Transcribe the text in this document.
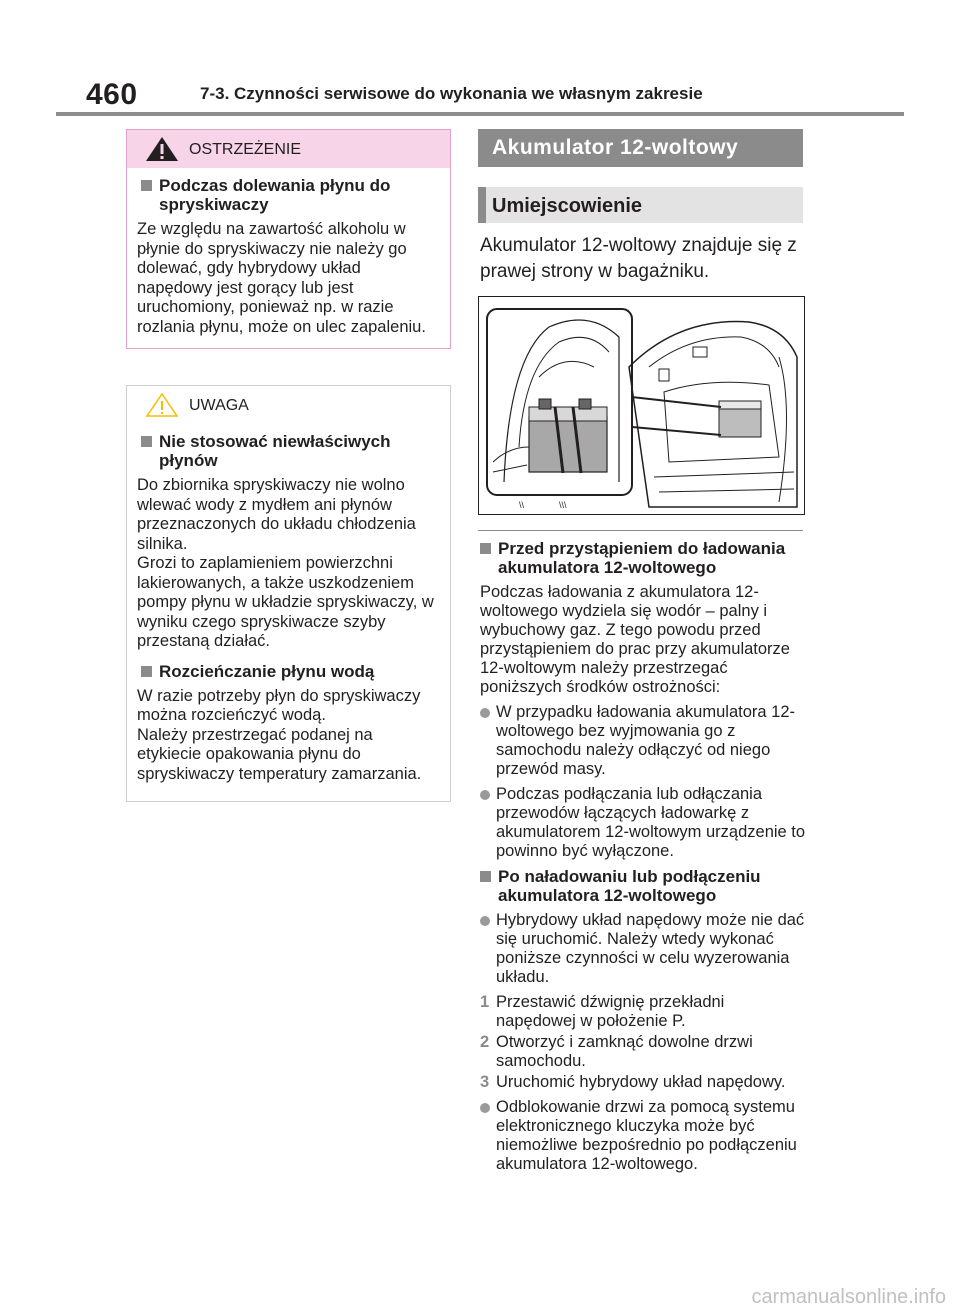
460	7-3. Czynności serwisowe do wykonania we własnym zakresie
OSTRZEŻENIE
Podczas dolewania płynu do spryskiwaczy
Ze względu na zawartość alkoholu w płynie do spryskiwaczy nie należy go dolewać, gdy hybrydowy układ napędowy jest gorący lub jest uruchomiony, ponieważ np. w razie rozlania płynu, może on ulec zapaleniu.
UWAGA
Nie stosować niewłaściwych płynów
Do zbiornika spryskiwaczy nie wolno wlewać wody z mydłem ani płynów przeznaczonych do układu chłodzenia silnika.
Grozi to zaplamieniem powierzchni lakierowanych, a także uszkodzeniem pompy płynu w układzie spryskiwaczy, w wyniku czego spryskiwacze szyby przestaną działać.
Rozcieńczanie płynu wodą
W razie potrzeby płyn do spryskiwaczy można rozcieńczyć wodą.
Należy przestrzegać podanej na etykiecie opakowania płynu do spryskiwaczy temperatury zamarzania.
Akumulator 12-woltowy
Umiejscowienie
Akumulator 12-woltowy znajduje się z prawej strony w bagażniku.
\\	\\\
Przed przystąpieniem do ładowania akumulatora 12-woltowego
Podczas ładowania z akumulatora 12-woltowego wydziela się wodór – palny i wybuchowy gaz. Z tego powodu przed przystąpieniem do prac przy akumulatorze 12-woltowym należy przestrzegać poniższych środków ostrożności:
W przypadku ładowania akumulatora 12-woltowego bez wyjmowania go z samochodu należy odłączyć od niego przewód masy.
Podczas podłączania lub odłączania przewodów łączących ładowarkę z akumulatorem 12-woltowym urządzenie to powinno być wyłączone.
Po naładowaniu lub podłączeniu akumulatora 12-woltowego
Hybrydowy układ napędowy może nie dać się uruchomić. Należy wtedy wykonać poniższe czynności w celu wyzerowania układu.
1 Przestawić dźwignię przekładni napędowej w położenie P.
2 Otworzyć i zamknąć dowolne drzwi samochodu.
3 Uruchomić hybrydowy układ napędowy.
Odblokowanie drzwi za pomocą systemu elektronicznego kluczyka może być niemożliwe bezpośrednio po podłączeniu akumulatora 12-woltowego.
carmanualsonline.info
